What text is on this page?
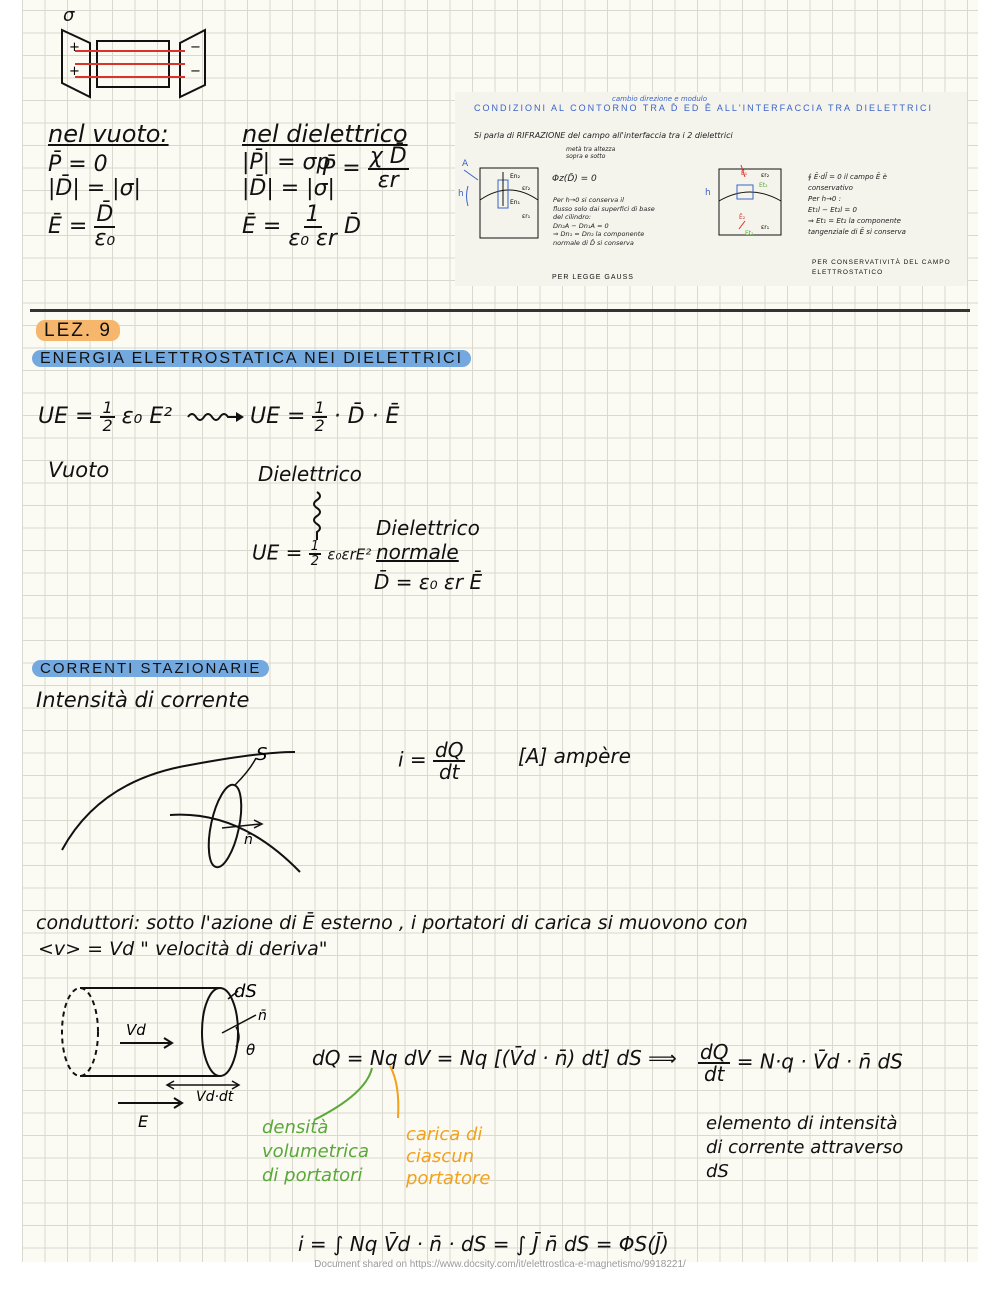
σ
+
+
−
−
nel vuoto:
P̄ = 0
|D̄| = |σ|
Ē = $\frac{D̄}{\text{ε₀}}$
nel dielettrico
|P̄| = σp
P̄ = $\frac{\text{χ D̄}}{\varepsilon r}$
|D̄| = |σ|
Ē = $\frac{1}{\text{ε₀ εr}}$ D̄
cambio direzione e modulo
CONDIZIONI AL CONTORNO TRA D̄ ED Ē ALL'INTERFACCIA TRA DIELETTRICI
Si parla di RIFRAZIONE del campo all'interfaccia tra i 2 dielettrici
metà tra altezza
sopra e sotto
A
h
En₂
En₁
εr₂
εr₁
Φz(D̄) = 0
Per h→0 si conserva il
flusso solo dai superfici di base
del cilindro:
Dn₂A − Dn₁A = 0
⇒ Dn₁ = Dn₂ la componente
normale di D̄ si conserva
PER LEGGE GAUSS
h
Ē₁
Ē₂
εr₂
εr₁
Et₂
Et₁
∮ Ē·dl̄ = 0 il campo Ē è
conservativo
Per h→0 :
Et₁l − Et₂l = 0
⇒ Et₁ = Et₂ la componente
tangenziale di Ē si conserva
PER CONSERVATIVITÀ DEL CAMPO
ELETTROSTATICO
LEZ. 9
ENERGIA ELETTROSTATICA NEI DIELETTRICI
UE = $\frac{1}{2} \varepsilon_0$ E²	UE = $\frac{1}{2}$ · D̄ · Ē
Vuoto	Dielettrico
UE = $\frac{1}{2} \varepsilon_0\varepsilon rE^2$
Dielettrico
normale
D̄ = ε₀ εr Ē
CORRENTI STAZIONARIE
Intensità di corrente
S
n̄
$i = \frac{dQ}{dt}$	[A] ampère
conduttori: sotto l'azione di Ē esterno , i portatori di carica si muovono con
<v> = Vd " velocità di deriva"
dS
Vd
n̄
θ
Vd·dt
E
dQ = Nq dV = Nq [(V̄d · n̄) dt] dS ⟹ $\frac{dQ}{dt} = N\cdot q$ · V̄d · n̄ dS
densità
volumetrica
di portatori
carica di
ciascun
portatore
elemento di intensità
di corrente attraverso
dS
i = ∫ Nq V̄d · n̄ · dS = ∫ J̄ n̄ dS = ΦS(J̄)
Document shared on https://www.docsity.com/it/elettrostica-e-magnetismo/9918221/
